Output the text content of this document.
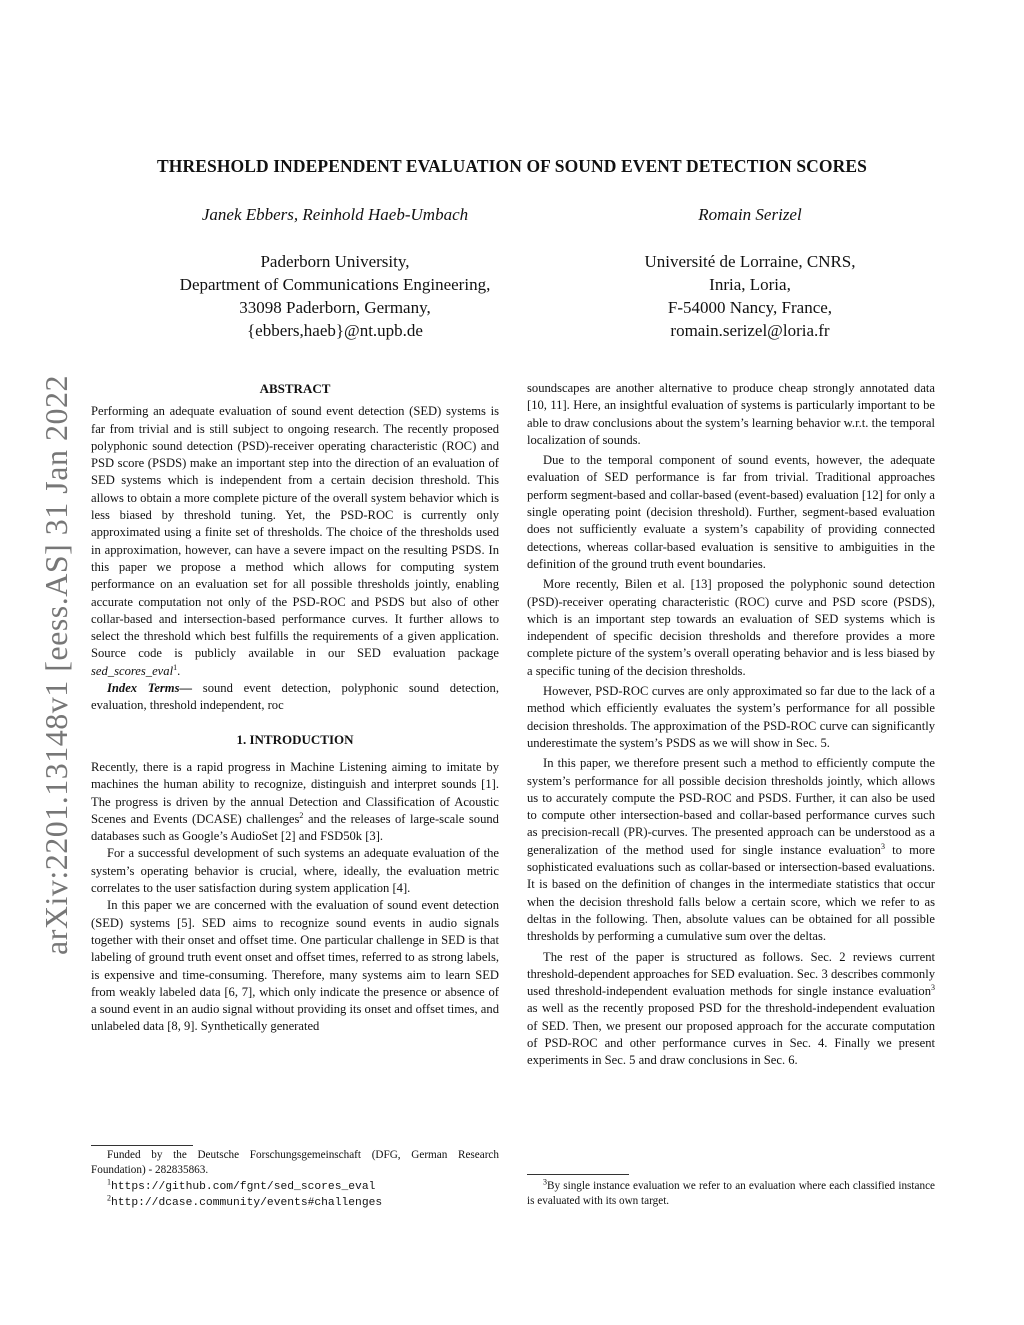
arXiv:2201.13148v1 [eess.AS] 31 Jan 2022
THRESHOLD INDEPENDENT EVALUATION OF SOUND EVENT DETECTION SCORES
Janek Ebbers, Reinhold Haeb-Umbach	Romain Serizel
Paderborn University,
Department of Communications Engineering,
33098 Paderborn, Germany,
{ebbers,haeb}@nt.upb.de
Université de Lorraine, CNRS,
Inria, Loria,
F-54000 Nancy, France,
romain.serizel@loria.fr
ABSTRACT

Performing an adequate evaluation of sound event detection (SED) systems is far from trivial and is still subject to ongoing research. The recently proposed polyphonic sound detection (PSD)-receiver operating characteristic (ROC) and PSD score (PSDS) make an important step into the direction of an evaluation of SED systems which is independent from a certain decision threshold. This allows to obtain a more complete picture of the overall system behavior which is less biased by threshold tuning. Yet, the PSD-ROC is currently only approximated using a finite set of thresholds. The choice of the thresholds used in approximation, however, can have a severe impact on the resulting PSDS. In this paper we propose a method which allows for computing system performance on an evaluation set for all possible thresholds jointly, enabling accurate computation not only of the PSD-ROC and PSDS but also of other collar-based and intersection-based performance curves. It further allows to select the threshold which best fulfills the requirements of a given application. Source code is publicly available in our SED evaluation package sed_scores_eval$^1$.

Index Terms— sound event detection, polyphonic sound detection, evaluation, threshold independent, roc

1. INTRODUCTION

Recently, there is a rapid progress in Machine Listening aiming to imitate by machines the human ability to recognize, distinguish and interpret sounds [1]. The progress is driven by the annual Detection and Classification of Acoustic Scenes and Events (DCASE) challenges$^2$ and the releases of large-scale sound databases such as Google’s AudioSet [2] and FSD50k [3].

For a successful development of such systems an adequate evaluation of the system’s operating behavior is crucial, where, ideally, the evaluation metric correlates to the user satisfaction during system application [4].

In this paper we are concerned with the evaluation of sound event detection (SED) systems [5]. SED aims to recognize sound events in audio signals together with their onset and offset time. One particular challenge in SED is that labeling of ground truth event onset and offset times, referred to as strong labels, is expensive and time-consuming. Therefore, many systems aim to learn SED from weakly labeled data [6, 7], which only indicate the presence or absence of a sound event in an audio signal without providing its onset and offset times, and unlabeled data [8, 9]. Synthetically generated

Funded by the Deutsche Forschungsgemeinschaft (DFG, German Research Foundation) - 282835863.
$^1$https://github.com/fgnt/sed_scores_eval
$^2$http://dcase.community/events#challenges

soundscapes are another alternative to produce cheap strongly annotated data [10, 11]. Here, an insightful evaluation of systems is particularly important to be able to draw conclusions about the system’s learning behavior w.r.t. the temporal localization of sounds.

Due to the temporal component of sound events, however, the adequate evaluation of SED performance is far from trivial. Traditional approaches perform segment-based and collar-based (event-based) evaluation [12] for only a single operating point (decision threshold). Further, segment-based evaluation does not sufficiently evaluate a system’s capability of providing connected detections, whereas collar-based evaluation is sensitive to ambiguities in the definition of the ground truth event boundaries.

More recently, Bilen et al. [13] proposed the polyphonic sound detection (PSD)-receiver operating characteristic (ROC) curve and PSD score (PSDS), which is an important step towards an evaluation of SED systems which is independent of specific decision thresholds and therefore provides a more complete picture of the system’s overall operating behavior and is less biased by a specific tuning of the decision thresholds.

However, PSD-ROC curves are only approximated so far due to the lack of a method which efficiently evaluates the system’s performance for all possible decision thresholds. The approximation of the PSD-ROC curve can significantly underestimate the system’s PSDS as we will show in Sec. 5.

In this paper, we therefore present such a method to efficiently compute the system’s performance for all possible decision thresholds jointly, which allows us to accurately compute the PSD-ROC and PSDS. Further, it can also be used to compute other intersection-based and collar-based performance curves such as precision-recall (PR)-curves. The presented approach can be understood as a generalization of the method used for single instance evaluation$^3$ to more sophisticated evaluations such as collar-based or intersection-based evaluations. It is based on the definition of changes in the intermediate statistics that occur when the decision threshold falls below a certain score, which we refer to as deltas in the following. Then, absolute values can be obtained for all possible thresholds by performing a cumulative sum over the deltas.

The rest of the paper is structured as follows. Sec. 2 reviews current threshold-dependent approaches for SED evaluation. Sec. 3 describes commonly used threshold-independent evaluation methods for single instance evaluation$^3$ as well as the recently proposed PSD for the threshold-independent evaluation of SED. Then, we present our proposed approach for the accurate computation of PSD-ROC and other performance curves in Sec. 4. Finally we present experiments in Sec. 5 and draw conclusions in Sec. 6.

$^3$By single instance evaluation we refer to an evaluation where each classified instance is evaluated with its own target.
